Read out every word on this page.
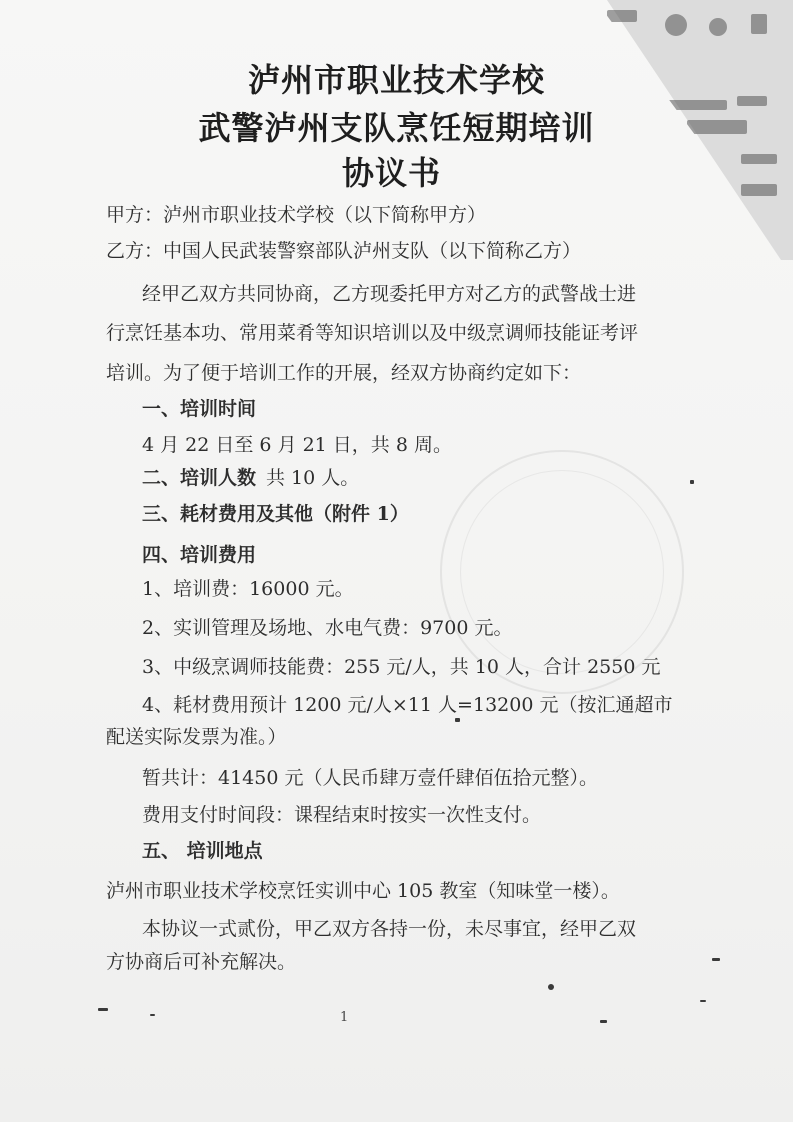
泸州市职业技术学校
武警泸州支队烹饪短期培训
协议书
甲方：泸州市职业技术学校（以下简称甲方）
乙方：中国人民武装警察部队泸州支队（以下简称乙方）
经甲乙双方共同协商，乙方现委托甲方对乙方的武警战士进
行烹饪基本功、常用菜肴等知识培训以及中级烹调师技能证考评
培训。为了便于培训工作的开展，经双方协商约定如下：
一、培训时间
4 月 22 日至 6 月 21 日，共 8 周。
二、培训人数 共 10 人。
三、耗材费用及其他（附件 1）
四、培训费用
1、培训费：16000 元。
2、实训管理及场地、水电气费：9700 元。
3、中级烹调师技能费：255 元/人，共 10 人，合计 2550 元
4、耗材费用预计 1200 元/人×11 人=13200 元（按汇通超市
配送实际发票为准。）
暂共计：41450 元（人民币肆万壹仟肆佰伍拾元整）。
费用支付时间段：课程结束时按实一次性支付。
五、 培训地点
泸州市职业技术学校烹饪实训中心 105 教室（知味堂一楼）。
本协议一式贰份，甲乙双方各持一份，未尽事宜，经甲乙双
方协商后可补充解决。
1
